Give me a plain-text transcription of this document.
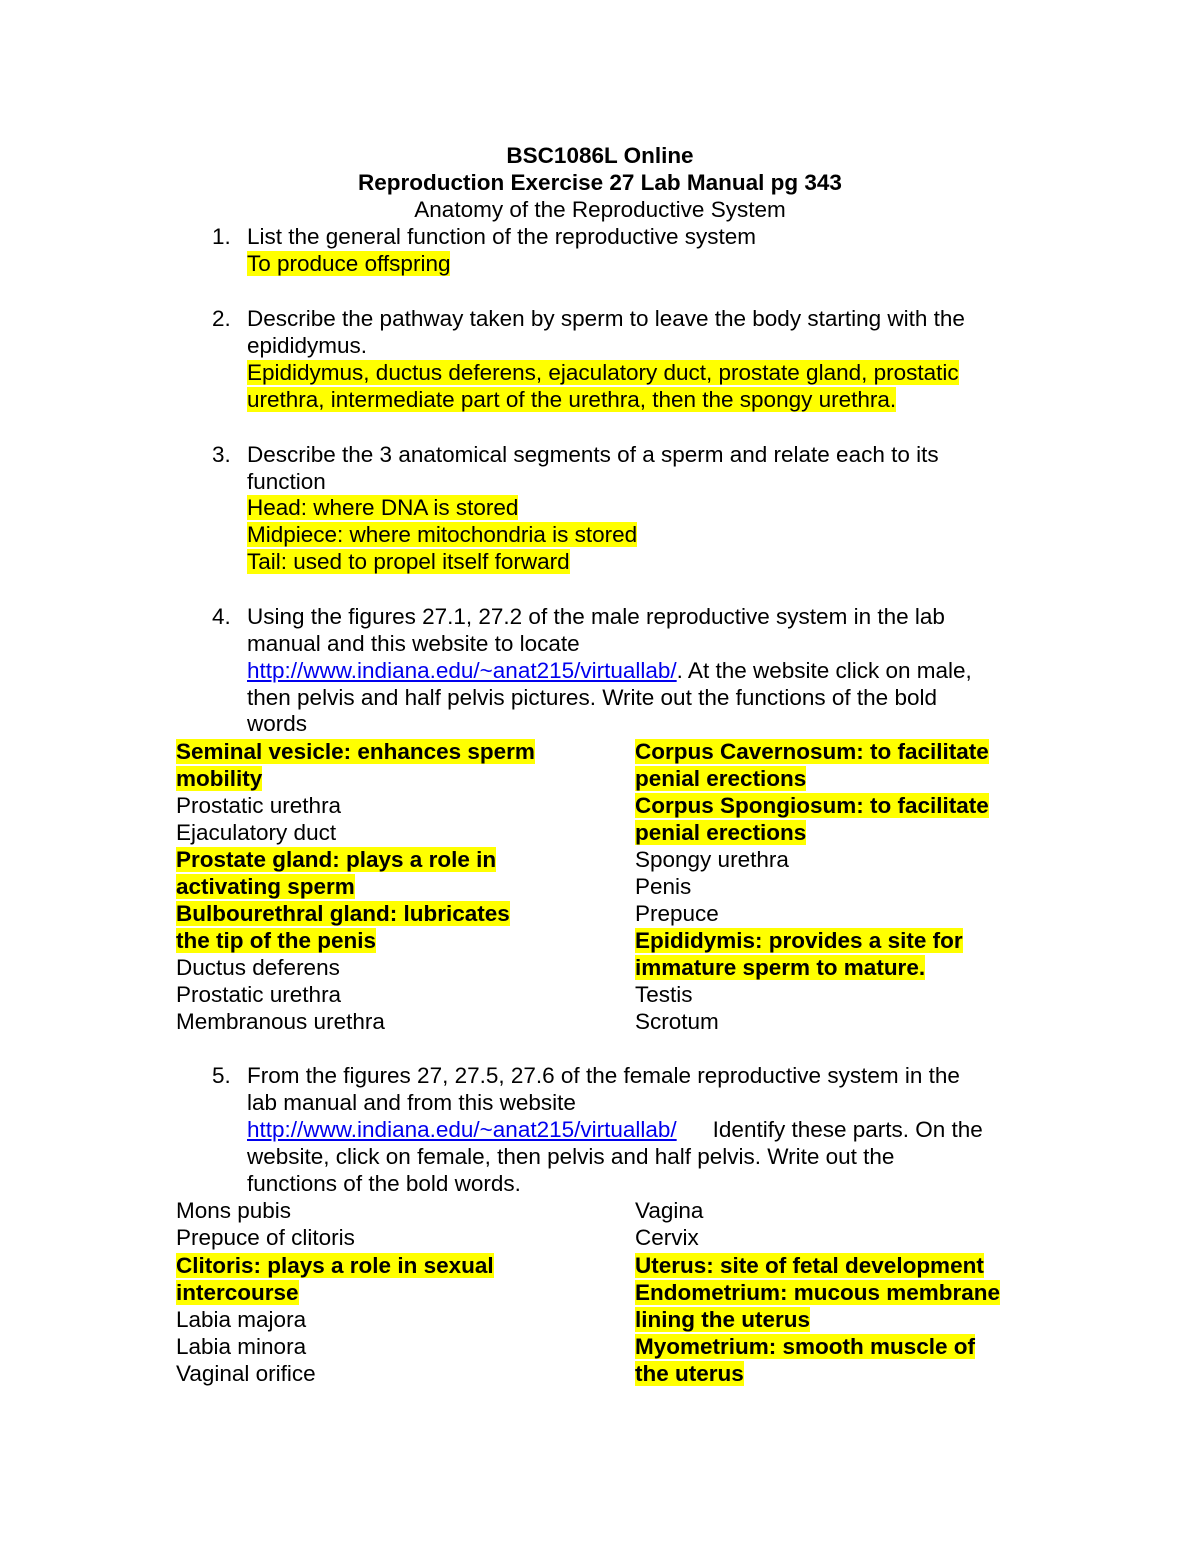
BSC1086L Online
Reproduction Exercise 27 Lab Manual pg 343
Anatomy of the Reproductive System
1. List the general function of the reproductive system
To produce offspring
2. Describe the pathway taken by sperm to leave the body starting with the
epididymus.
Epididymus, ductus deferens, ejaculatory duct, prostate gland, prostatic
urethra, intermediate part of the urethra, then the spongy urethra.
3. Describe the 3 anatomical segments of a sperm and relate each to its
function
Head: where DNA is stored
Midpiece: where mitochondria is stored
Tail: used to propel itself forward
4. Using the figures 27.1, 27.2 of the male reproductive system in the lab
manual and this website to locate
http://www.indiana.edu/~anat215/virtuallab/. At the website click on male,
then pelvis and half pelvis pictures. Write out the functions of the bold
words
Seminal vesicle: enhances sperm
mobility
Prostatic urethra
Ejaculatory duct
Prostate gland: plays a role in
activating sperm
Bulbourethral gland: lubricates
the tip of the penis
Ductus deferens
Prostatic urethra
Membranous urethra
Corpus Cavernosum: to facilitate
penial erections
Corpus Spongiosum: to facilitate
penial erections
Spongy urethra
Penis
Prepuce
Epididymis: provides a site for
immature sperm to mature.
Testis
Scrotum
5. From the figures 27, 27.5, 27.6 of the female reproductive system in the
lab manual and from this website
http://www.indiana.edu/~anat215/virtuallab/ Identify these parts. On the
website, click on female, then pelvis and half pelvis. Write out the
functions of the bold words.
Mons pubis
Prepuce of clitoris
Clitoris: plays a role in sexual
intercourse
Labia majora
Labia minora
Vaginal orifice
Vagina
Cervix
Uterus: site of fetal development
Endometrium: mucous membrane
lining the uterus
Myometrium: smooth muscle of
the uterus
